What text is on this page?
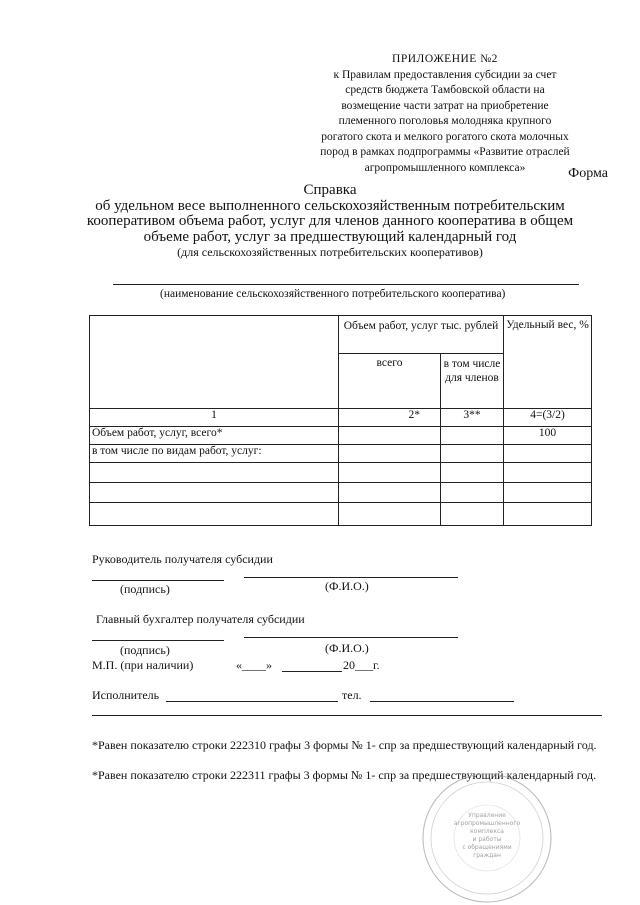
ПРИЛОЖЕНИЕ №2
к Правилам предоставления субсидии за счет
средств бюджета Тамбовской области на
возмещение части затрат на приобретение
племенного поголовья молодняка крупного
рогатого скота и мелкого рогатого скота молочных
пород в рамках подпрограммы «Развитие отраслей
агропромышленного комплекса»	Форма
Справка
об удельном весе выполненного сельскохозяйственным потребительским
кооперативом объема работ, услуг для членов данного кооператива в общем
объеме работ, услуг за предшествующий календарный год
(для сельскохозяйственных потребительских кооперативов)
(наименование сельскохозяйственного потребительского кооператива)
	Объем работ, услуг тыс. рублей		Удельный вес, %
	всего	в том числе для членов	
1	2*	3**	4=(3/2)
Объем работ, услуг, всего*			100
в том числе по видам работ, услуг:			

Руководитель получателя субсидии
(подпись)	(Ф.И.О.)
Главный бухгалтер получателя субсидии
(подпись)	(Ф.И.О.)
М.П. (при наличии)	«____»	20___г.
Исполнитель	тел.
*Равен показателю строки 222310 графы 3 формы № 1- спр за предшествующий календарный год.
*Равен показателю строки 222311 графы 3 формы № 1- спр за предшествующий календарный год.
Управление
агропромышленного
комплекса
и работы
с обращениями
граждан
